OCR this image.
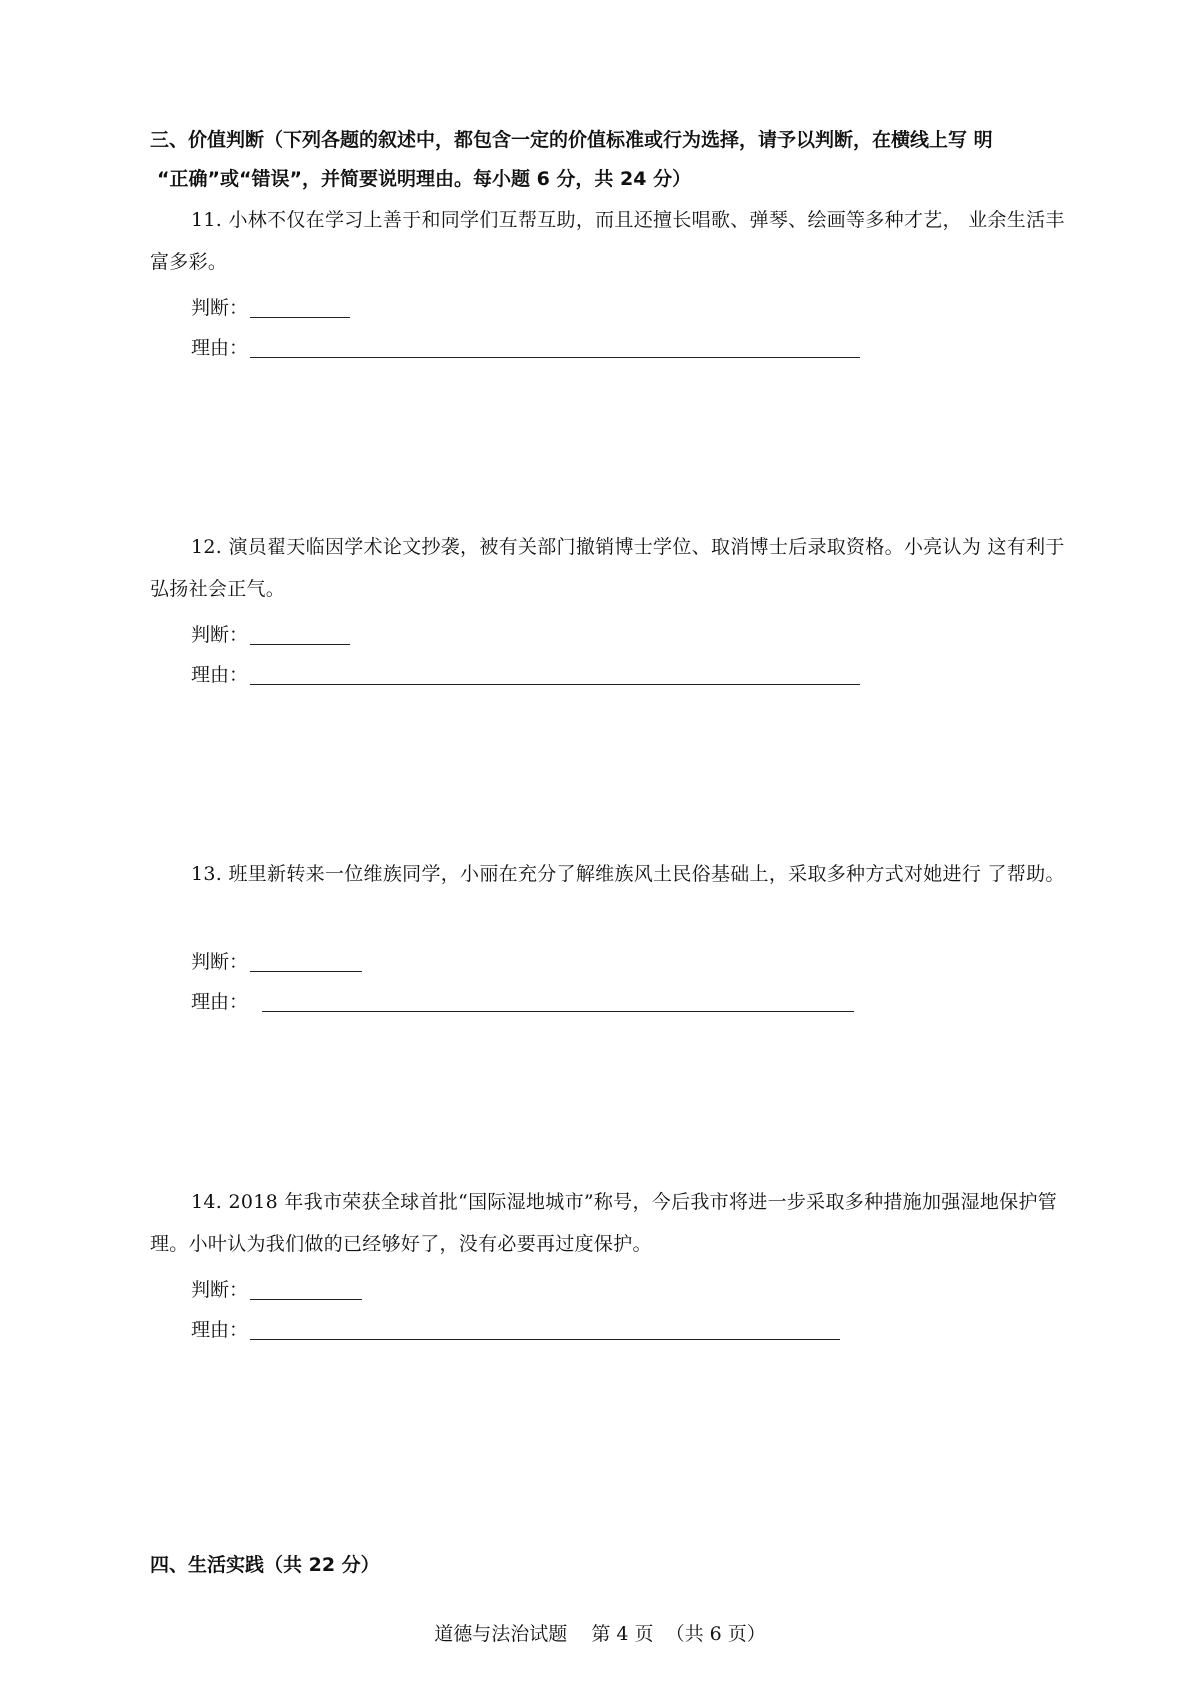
三、价值判断（下列各题的叙述中，都包含一定的价值标准或行为选择，请予以判断，在横线上写 明
“正确”或“错误”，并简要说明理由。每小题 6 分，共 24 分）

11. 小林不仅在学习上善于和同学们互帮互助，而且还擅长唱歌、弹琴、绘画等多种才艺， 业余生活丰富多彩。

判断：
理由：

12. 演员翟天临因学术论文抄袭，被有关部门撤销博士学位、取消博士后录取资格。小亮认为 这有利于弘扬社会正气。

判断：
理由：

13. 班里新转来一位维族同学，小丽在充分了解维族风土民俗基础上，采取多种方式对她进行 了帮助。

判断：
理由：

14. 2018 年我市荣获全球首批“国际湿地城市”称号，今后我市将进一步采取多种措施加强湿地保护管理。小叶认为我们做的已经够好了，没有必要再过度保护。

判断：
理由：
四、生活实践（共 22 分）
道德与法治试题    第 4 页  （共 6 页）
